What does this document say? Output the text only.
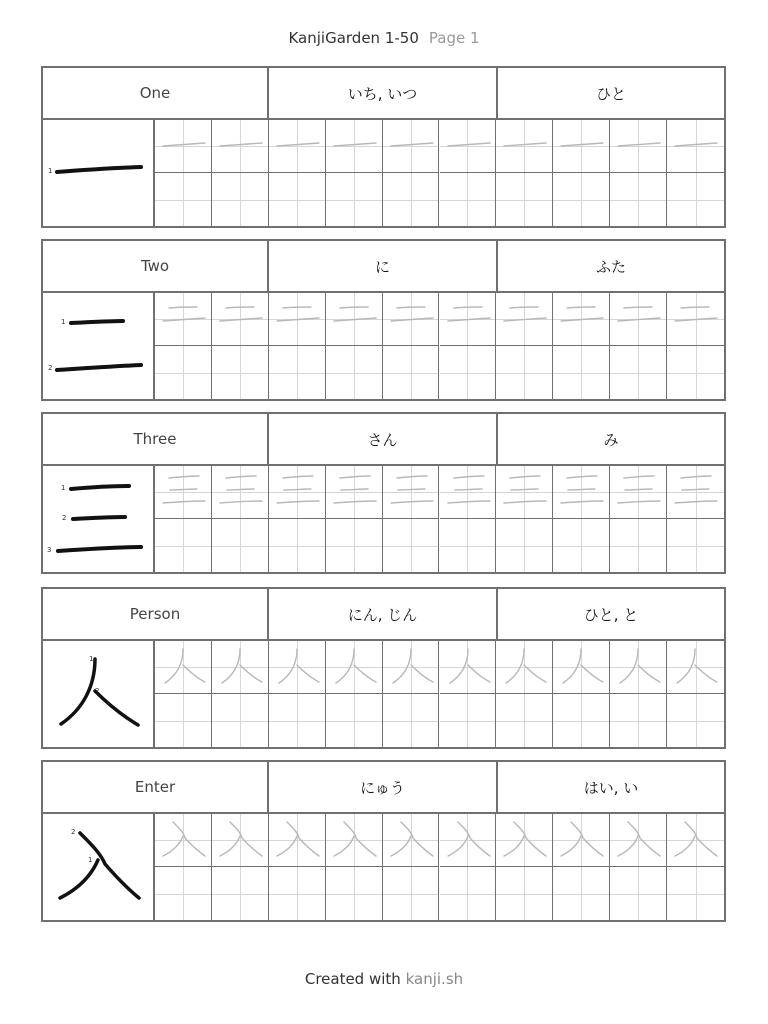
KanjiGarden 1-50 Page 1
One	いち, いつ	ひと
1
Two	に	ふた
1
2
Three	さん	み
1
2
3
Person	にん, じん	ひと, と
1
2
Enter	にゅう	はい, い
2
1
Created with kanji.sh
